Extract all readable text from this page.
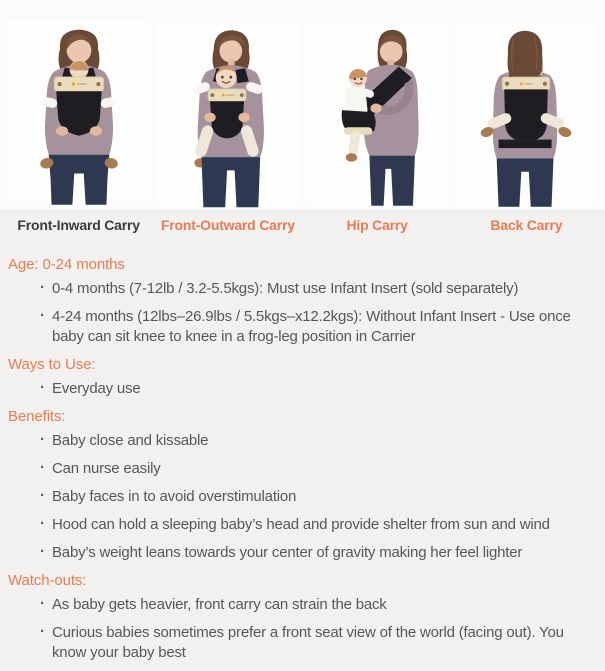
Front-Inward Carry	Front-Outward Carry	Hip Carry	Back Carry
Age: 0-24 months
· 0-4 months (7-12lb / 3.2-5.5kgs): Must use Infant Insert (sold separately)
· 4-24 months (12lbs–26.9lbs / 5.5kgs–x12.2kgs): Without Infant Insert - Use once baby can sit knee to knee in a frog-leg position in Carrier
Ways to Use:
· Everyday use
Benefits:
· Baby close and kissable
· Can nurse easily
· Baby faces in to avoid overstimulation
· Hood can hold a sleeping baby’s head and provide shelter from sun and wind
· Baby’s weight leans towards your center of gravity making her feel lighter
Watch-outs:
· As baby gets heavier, front carry can strain the back
· Curious babies sometimes prefer a front seat view of the world (facing out). You know your baby best
